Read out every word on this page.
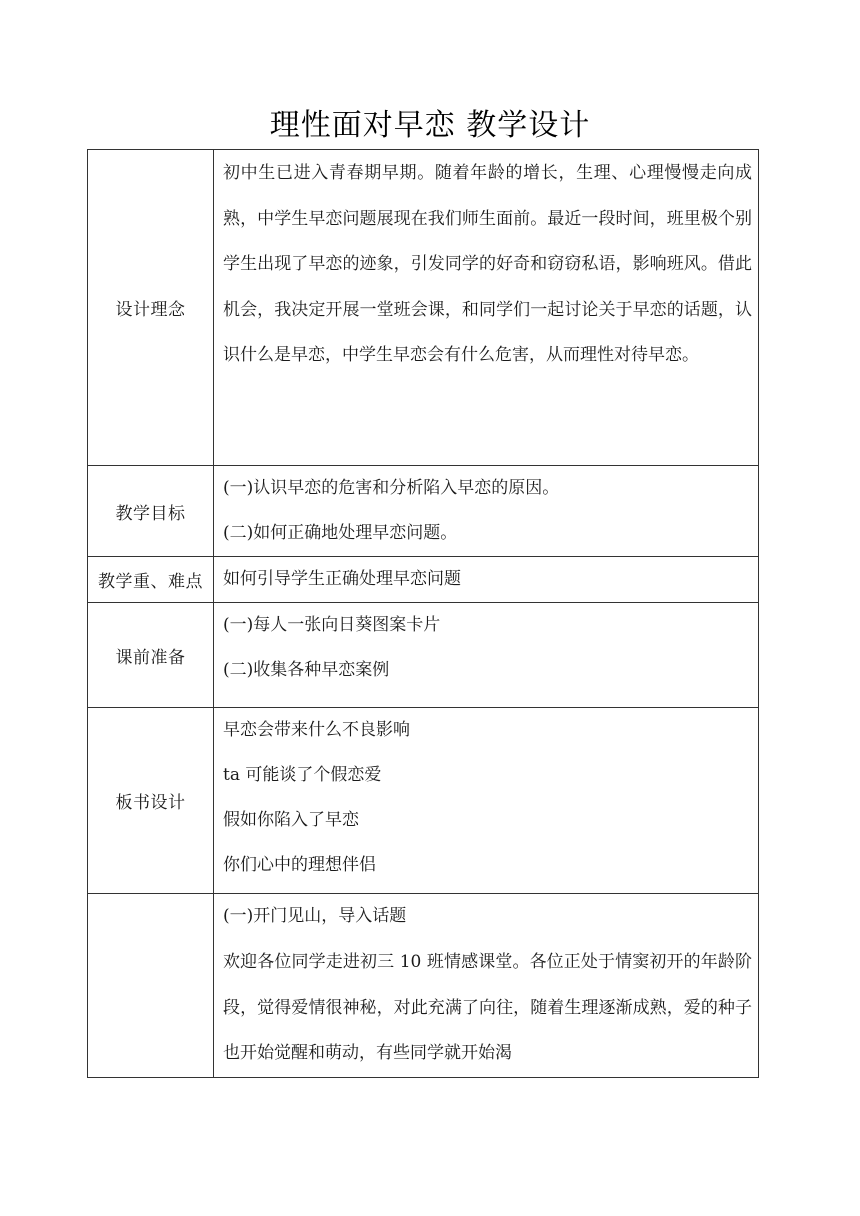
理性面对早恋 教学设计
设计理念	初中生已进入青春期早期。随着年龄的增长，生理、心理慢慢走向成熟，中学生早恋问题展现在我们师生面前。最近一段时间，班里极个别学生出现了早恋的迹象，引发同学的好奇和窃窃私语，影响班风。借此机会，我决定开展一堂班会课，和同学们一起讨论关于早恋的话题，认识什么是早恋，中学生早恋会有什么危害，从而理性对待早恋。

教学目标	(一)认识早恋的危害和分析陷入早恋的原因。

(二)如何正确地处理早恋问题。

教学重、难点	如何引导学生正确处理早恋问题

课前准备	(一)每人一张向日葵图案卡片

(二)收集各种早恋案例

板书设计	早恋会带来什么不良影响

ta 可能谈了个假恋爱

假如你陷入了早恋

你们心中的理想伴侣

	(一)开门见山，导入话题

欢迎各位同学走进初三 10 班情感课堂。各位正处于情窦初开的年龄阶段，觉得爱情很神秘，对此充满了向往，随着生理逐渐成熟，爱的种子也开始觉醒和萌动，有些同学就开始渴
